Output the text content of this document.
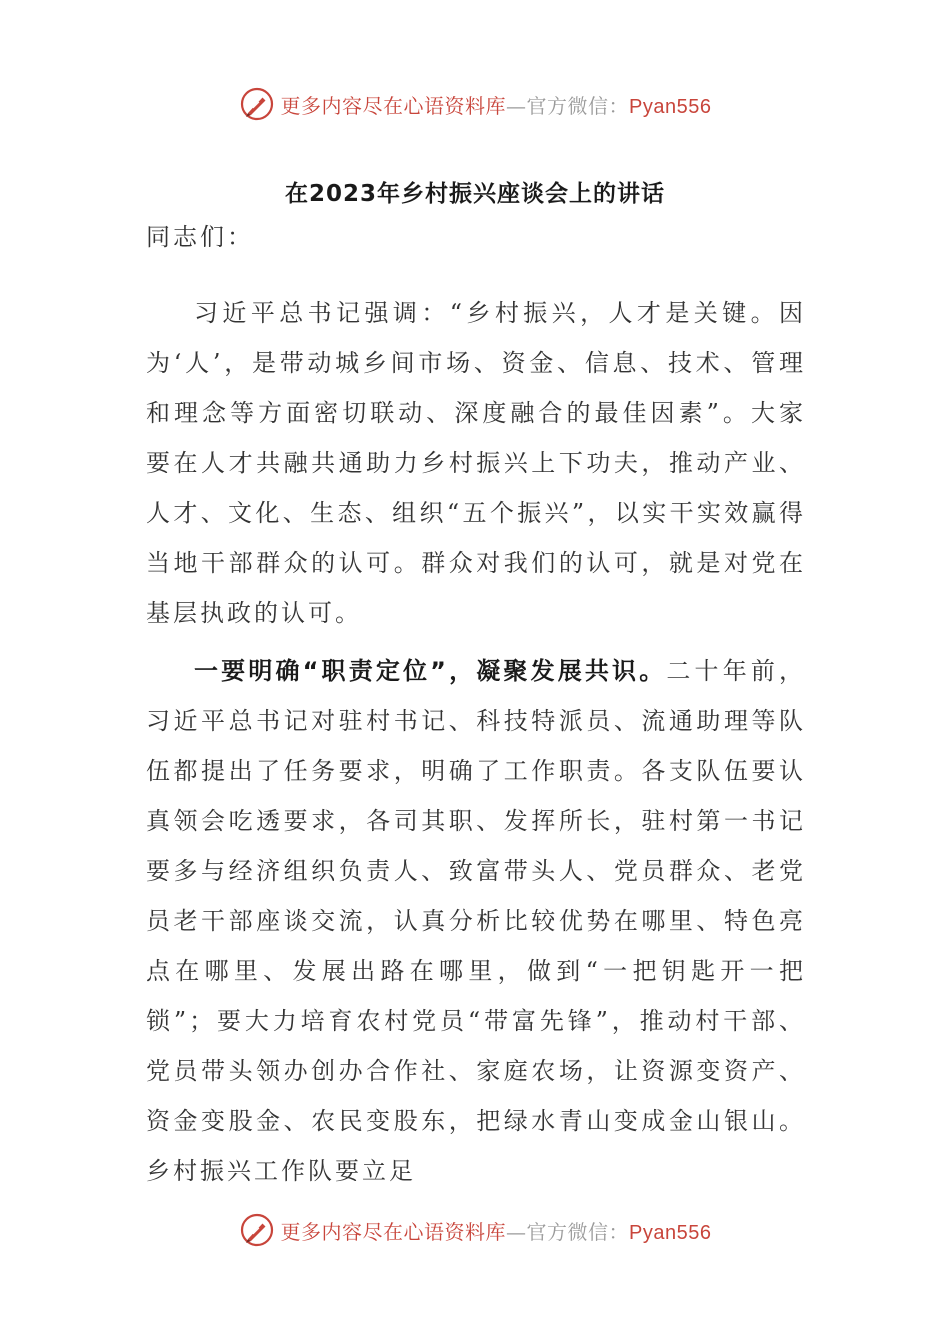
更多内容尽在心语资料库—官方微信：Pyan556
在2023年乡村振兴座谈会上的讲话

同志们：

习近平总书记强调：“乡村振兴，人才是关键。因为‘人’，是带动城乡间市场、资金、信息、技术、管理和理念等方面密切联动、深度融合的最佳因素”。大家要在人才共融共通助力乡村振兴上下功夫，推动产业、人才、文化、生态、组织“五个振兴”，以实干实效赢得当地干部群众的认可。群众对我们的认可，就是对党在基层执政的认可。

一要明确“职责定位”，凝聚发展共识。二十年前，习近平总书记对驻村书记、科技特派员、流通助理等队伍都提出了任务要求，明确了工作职责。各支队伍要认真领会吃透要求，各司其职、发挥所长，驻村第一书记要多与经济组织负责人、致富带头人、党员群众、老党员老干部座谈交流，认真分析比较优势在哪里、特色亮点在哪里、发展出路在哪里，做到“一把钥匙开一把锁”；要大力培育农村党员“带富先锋”，推动村干部、党员带头领办创办合作社、家庭农场，让资源变资产、资金变股金、农民变股东，把绿水青山变成金山银山。乡村振兴工作队要立足

更多内容尽在心语资料库—官方微信：Pyan556
